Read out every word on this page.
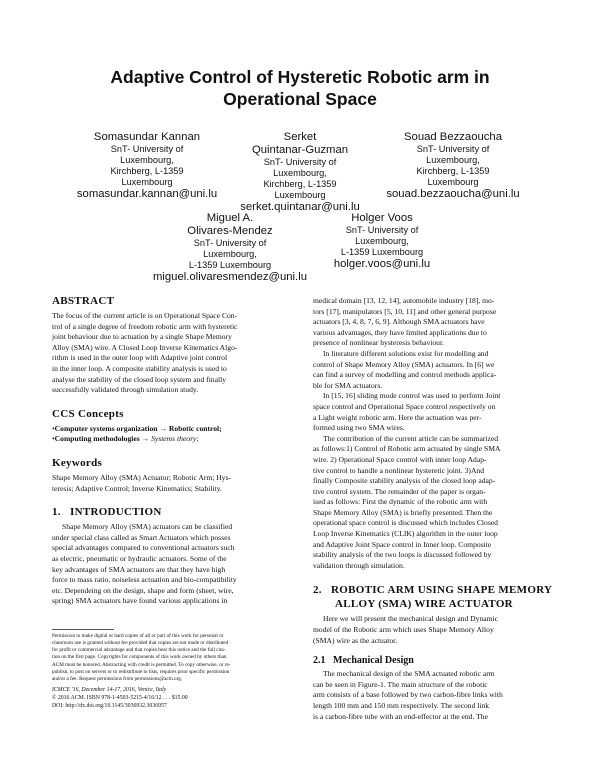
Adaptive Control of Hysteretic Robotic arm in Operational Space
Somasundar Kannan
SnT- University of
Luxembourg,
Kirchberg, L-1359
Luxembourg
somasundar.kannan@uni.lu
Serket
Quintanar-Guzman
SnT- University of
Luxembourg,
Kirchberg, L-1359
Luxembourg
serket.quintanar@uni.lu
Souad Bezzaoucha
SnT- University of
Luxembourg,
Kirchberg, L-1359
Luxembourg
souad.bezzaoucha@uni.lu
Miguel A.
Olivares-Mendez
SnT- University of
Luxembourg,
L-1359 Luxembourg
miguel.olivaresmendez@uni.lu
Holger Voos
SnT- University of
Luxembourg,
L-1359 Luxembourg
holger.voos@uni.lu
ABSTRACT

The focus of the current article is on Operational Space Con-

trol of a single degree of freedom robotic arm with hysteretic

joint behaviour due to actuation by a single Shape Memory

Alloy (SMA) wire. A Closed Loop Inverse Kinematics Algo-

rithm is used in the outer loop with Adaptive joint control

in the inner loop. A composite stability analysis is used to

analyse the stability of the closed loop system and finally

successfully validated through simulation study.

CCS Concepts

•Computer systems organization → Robotic control;

•Computing methodologies → Systems theory;

Keywords

Shape Memory Alloy (SMA) Actuator; Robotic Arm; Hys-

teresis; Adaptive Control; Inverse Kinematics; Stability.

1.   INTRODUCTION

Shape Memory Alloy (SMA) actuators can be classified

under special class called as Smart Actuators which posses

special advantages compared to conventional actuators such

as electric, pneumatic or hydraulic actuators. Some of the

key advantages of SMA actuators are that they have high

force to mass ratio, noiseless actuation and bio-compatibility

etc. Dependeing on the design, shape and form (sheet, wire,

spring) SMA actuators have found various applications in

Permission to make digital or hard copies of all or part of this work for personal or

classroom use is granted without fee provided that copies are not made or distributed

for profit or commercial advantage and that copies bear this notice and the full cita-

tion on the first page. Copyrights for components of this work owned by others than

ACM must be honored. Abstracting with credit is permitted. To copy otherwise, or re-

publish, to post on servers or to redistribute to lists, requires prior specific permission

and/or a fee. Request permissions from permissions@acm.org.

ICMCE '16, December 14-17, 2016, Venice, Italy

© 2016 ACM. ISBN 978-1-4503-5215-4/16/12 . . . $15.00

DOI: http://dx.doi.org/10.1145/3036932.3036957

medical domain [13, 12, 14], automobile industry [18], mo-

tors [17], manipulators [5, 10, 11] and other general purpose

actuators [3, 4, 8, 7, 6, 9]. Although SMA actuators have

various advantages, they have limited applications due to

presence of nonlinear hysteresis behaviour.

In literature different solutions exist for modelling and

control of Shape Memory Alloy (SMA) actuators. In [6] we

can find a survey of modelling and control methods applica-

ble for SMA actuators.

In [15, 16] sliding mode control was used to perform Joint

space control and Operational Space control respectively on

a Light weight robotic arm. Here the actuation was per-

formed using two SMA wires.

The contribution of the current article can be summarized

as follows:1) Control of Robotic arm actuated by single SMA

wire. 2) Operational Space control with inner loop Adap-

tive control to handle a nonlinear hysteretic joint. 3)And

finally Composite stability analysis of the closed loop adap-

tive control system. The remainder of the paper is organ-

ised as follows: First the dynamic of the robotic arm with

Shape Memory Alloy (SMA) is briefly presented. Then the

operational space control is discussed which includes Closed

Loop Inverse Kinematics (CLIK) algorithm in the outer loop

and Adaptive Joint Space control in Inner loop. Composite

stability analysis of the two loops is discussed followed by

validation through simulation.

2.   ROBOTIC ARM USING SHAPE MEMORY
ALLOY (SMA) WIRE ACTUATOR

Here we will present the mechanical design and Dynamic

model of the Robotic arm which uses Shape Memory Alloy

(SMA) wire as the actuator.

2.1   Mechanical Design

The mechanical design of the SMA actuated robotic arm

can be seen in Figure-1. The main structure of the robotic

arm consists of a base followed by two carbon-fibre links with

length 100 mm and 150 mm respectively. The second link

is a carbon-fibre tube with an end-effector at the end. The
